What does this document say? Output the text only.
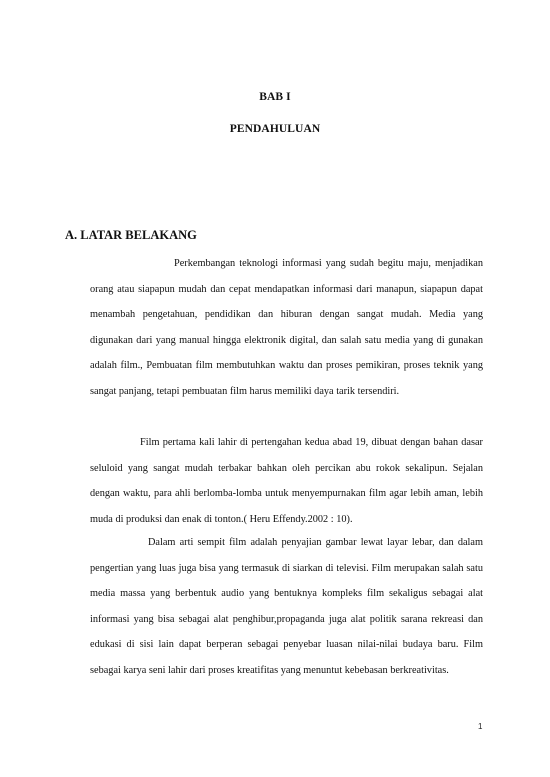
BAB I
PENDAHULUAN
A. LATAR BELAKANG

Perkembangan teknologi informasi yang sudah begitu maju, menjadikan orang atau siapapun mudah dan cepat mendapatkan informasi dari manapun, siapapun dapat menambah pengetahuan, pendidikan dan hiburan dengan sangat mudah. Media yang digunakan dari yang manual hingga elektronik digital, dan salah satu media yang di gunakan adalah film., Pembuatan film membutuhkan waktu dan proses pemikiran, proses teknik yang sangat panjang, tetapi pembuatan film harus memiliki daya tarik tersendiri.

Film pertama kali lahir di pertengahan kedua abad 19, dibuat dengan bahan dasar seluloid yang sangat mudah terbakar bahkan oleh percikan abu rokok sekalipun. Sejalan dengan waktu, para ahli berlomba-lomba untuk menyempurnakan film agar lebih aman, lebih muda di produksi dan enak di tonton.( Heru Effendy.2002 : 10).

Dalam arti sempit film adalah penyajian gambar lewat layar lebar, dan dalam pengertian yang luas juga bisa yang termasuk di siarkan di televisi. Film merupakan salah satu media massa yang berbentuk audio yang bentuknya kompleks film sekaligus sebagai alat informasi yang bisa sebagai alat penghibur,propaganda juga alat politik sarana rekreasi dan edukasi di sisi lain dapat berperan sebagai penyebar luasan nilai-nilai budaya baru. Film sebagai karya seni lahir dari proses kreatifitas yang menuntut kebebasan berkreativitas.

1
